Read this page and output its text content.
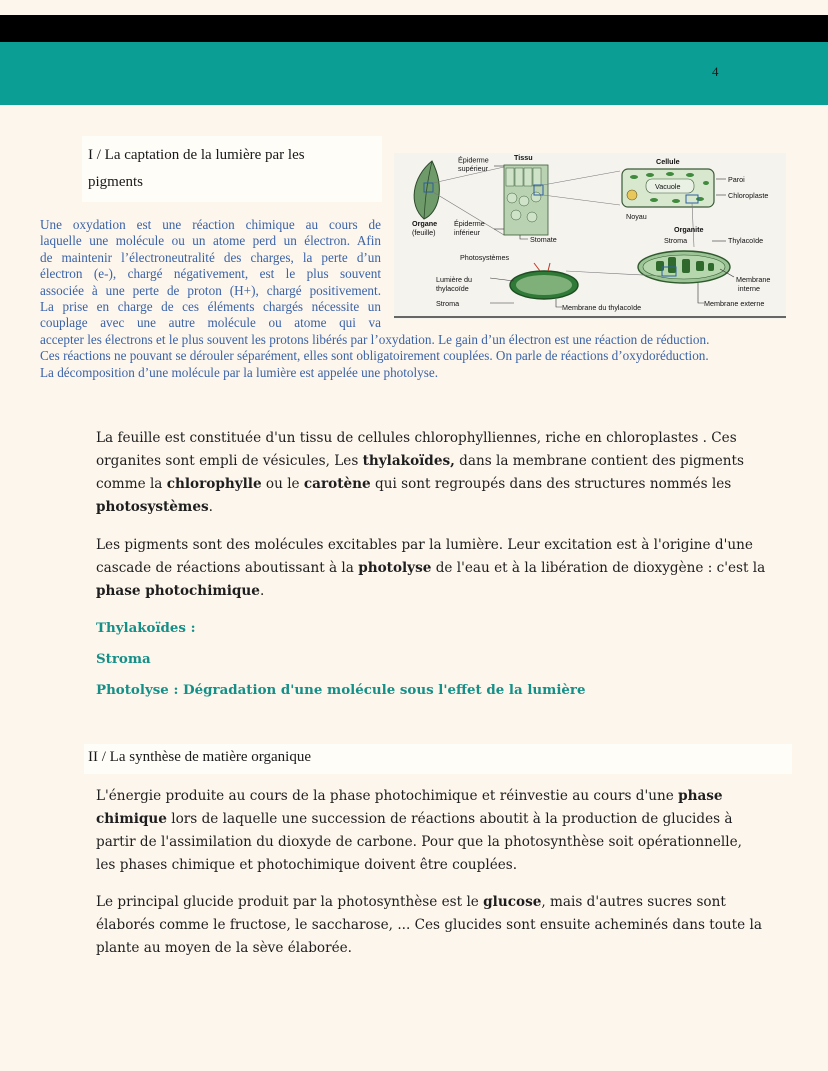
4
I / La captation de la lumière par les
pigments
Une oxydation est une réaction chimique au cours de
laquelle une molécule ou un atome perd un électron. Afin
de maintenir l’électroneutralité des charges, la perte d’un
électron (e-), chargé négativement, est le plus souvent
associée à une perte de proton (H+), chargé positivement.
La prise en charge de ces éléments chargés nécessite un
couplage avec une autre molécule ou atome qui va
Épiderme
supérieur
Tissu	Cellule
Paroi
Vacuole
Chloroplaste
Noyau
Organe
(feuille)
Épiderme
inférieur
Stomate
Organite
Stroma	Thylacoïde
Photosystèmes
Lumière du
thylacoïde
Membrane
interne
Stroma	Membrane du thylacoïde	Membrane externe
accepter les électrons et le plus souvent les protons libérés par l’oxydation. Le gain d’un électron est une réaction de réduction.
Ces réactions ne pouvant se dérouler séparément, elles sont obligatoirement couplées. On parle de réactions d’oxydoréduction.
La décomposition d’une molécule par la lumière est appelée une photolyse.
La feuille est constituée d'un tissu de cellules chlorophylliennes, riche en chloroplastes . Ces
organites sont empli de vésicules, Les thylakoïdes, dans la membrane contient des pigments
comme la chlorophylle ou le carotène qui sont regroupés dans des structures nommés les
photosystèmes.
Les pigments sont des molécules excitables par la lumière. Leur excitation est à l'origine d'une
cascade de réactions aboutissant à la photolyse de l'eau et à la libération de dioxygène : c'est la
phase photochimique.
Thylakoïdes :
Stroma
Photolyse : Dégradation d'une molécule sous l'effet de la lumière
II / La synthèse de matière organique
L'énergie produite au cours de la phase photochimique et réinvestie au cours d'une phase
chimique lors de laquelle une succession de réactions aboutit à la production de glucides à
partir de l'assimilation du dioxyde de carbone. Pour que la photosynthèse soit opérationnelle,
les phases chimique et photochimique doivent être couplées.
Le principal glucide produit par la photosynthèse est le glucose, mais d'autres sucres sont
élaborés comme le fructose, le saccharose, ... Ces glucides sont ensuite acheminés dans toute la
plante au moyen de la sève élaborée.
